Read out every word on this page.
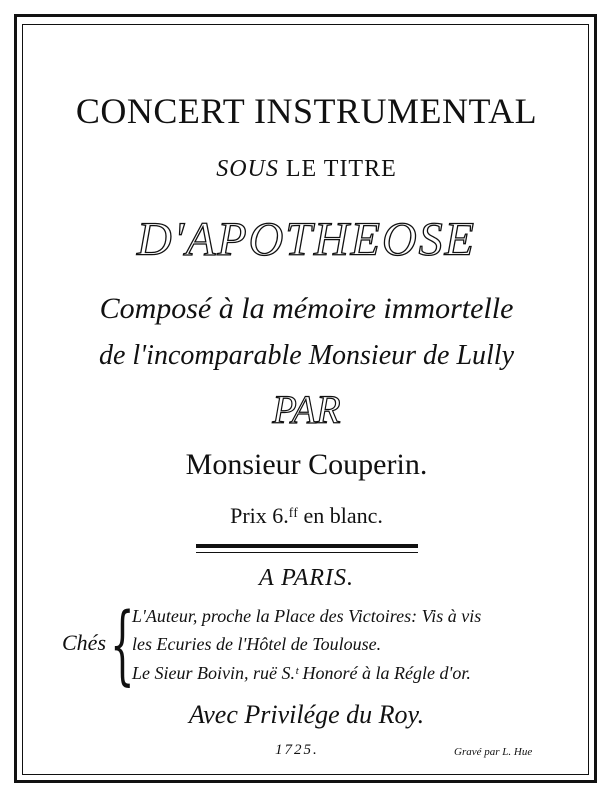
CONCERT INSTRUMENTAL
SOUS LE TITRE
D'APOTHEOSE
Composé à la mémoire immortelle
de l'incomparable Monsieur de Lully
PAR
Monsieur Couperin.
Prix 6.ᶠᶠ en blanc.
A PARIS.
Chés {
L'Auteur, proche la Place des Victoires: Vis à vis
les Ecuries de l'Hôtel de Toulouse.
Le Sieur Boivin, ruë S.ᵗ Honoré à la Régle d'or.
Avec Privilége du Roy.
1725.	Gravé par L. Hue
